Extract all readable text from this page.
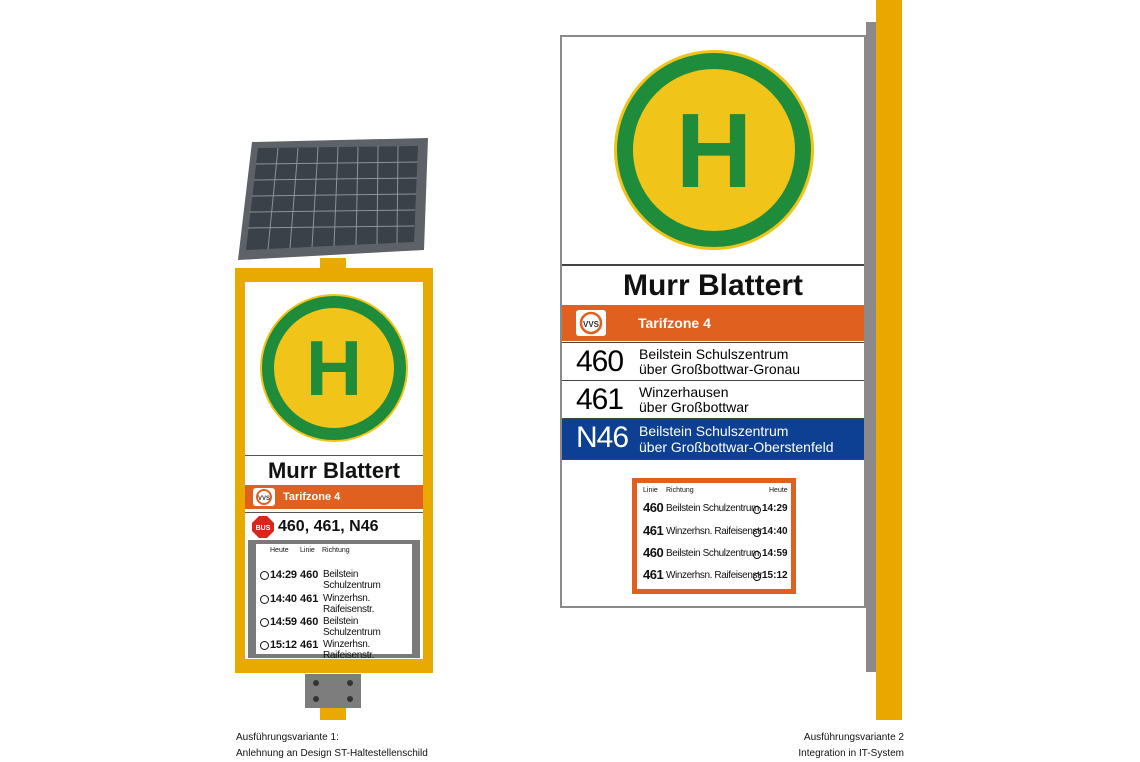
H
Murr Blattert
VVS Tarifzone 4
BUS 460, 461, N46
Heute Linie Richtung
14:29 460 Beilstein Schulzentrum
14:40 461 Winzerhsn. Raifeisenstr.
14:59 460 Beilstein Schulzentrum
15:12 461 Winzerhsn. Raifeisenstr.
Ausführungsvariante 1:
Anlehnung an Design ST-Haltestellenschild
H
Murr Blattert
VVS	Tarifzone 4
460 Beilstein Schulszentrum
über Großbottwar-Gronau
461 Winzerhausen
über Großbottwar
N46 Beilstein Schulszentrum
über Großbottwar-Oberstenfeld
Linie Richtung	Heute
460 Beilstein Schulzentrum 14:29
461 Winzerhsn. Raifeisenstr.
14:40
460 Beilstein Schulzentrum 14:59
461 Winzerhsn. Raifeisenstr.
15:12
Ausführungsvariante 2
Integration in IT-System
